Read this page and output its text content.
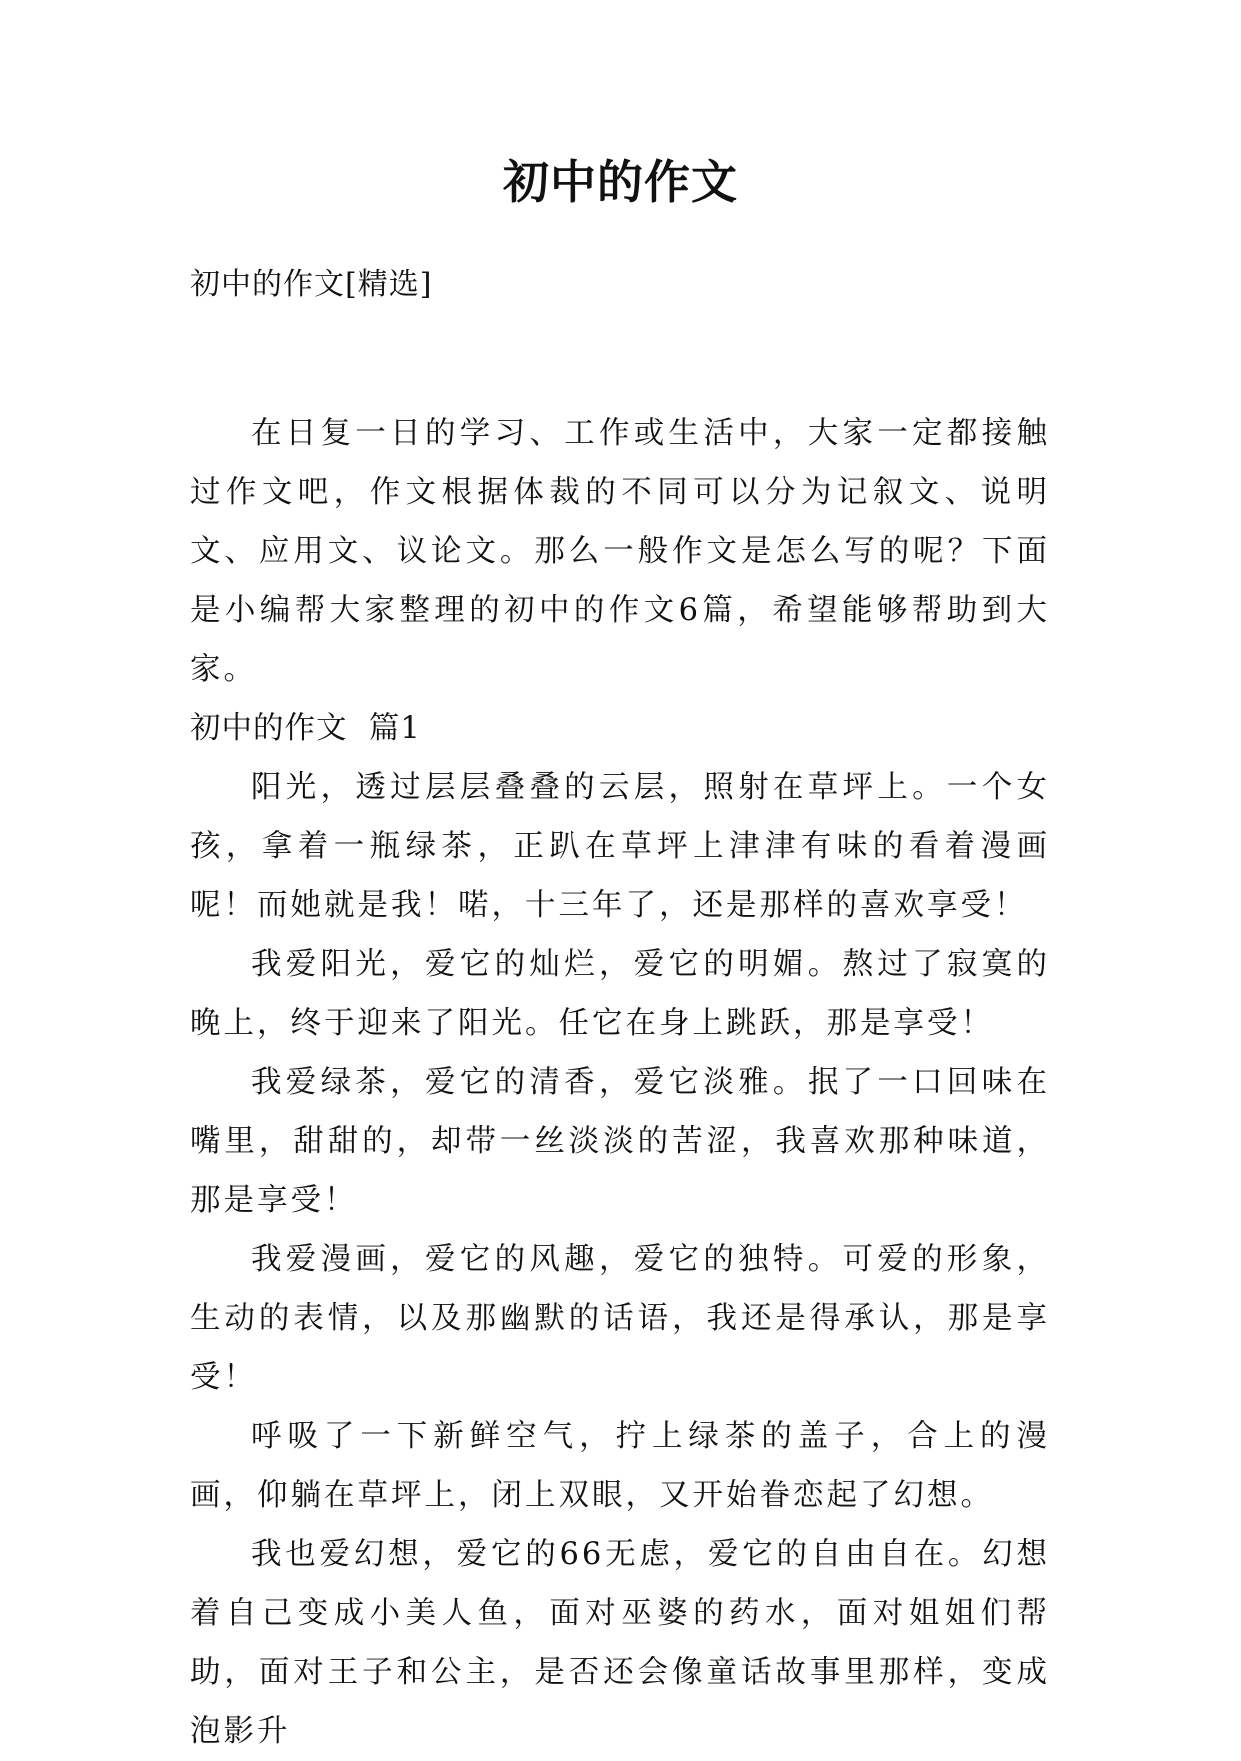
初中的作文

初中的作文[精选]

在日复一日的学习、工作或生活中，大家一定都接触过作文吧，作文根据体裁的不同可以分为记叙文、说明文、应用文、议论文。那么一般作文是怎么写的呢？下面是小编帮大家整理的初中的作文6篇，希望能够帮助到大家。

初中的作文  篇1

阳光，透过层层叠叠的云层，照射在草坪上。一个女孩，拿着一瓶绿茶，正趴在草坪上津津有味的看着漫画呢！而她就是我！喏，十三年了，还是那样的喜欢享受！

我爱阳光，爱它的灿烂，爱它的明媚。熬过了寂寞的晚上，终于迎来了阳光。任它在身上跳跃，那是享受！

我爱绿茶，爱它的清香，爱它淡雅。抿了一口回味在嘴里，甜甜的，却带一丝淡淡的苦涩，我喜欢那种味道，那是享受！

我爱漫画，爱它的风趣，爱它的独特。可爱的形象，生动的表情，以及那幽默的话语，我还是得承认，那是享受！

呼吸了一下新鲜空气，拧上绿茶的盖子，合上的漫画，仰躺在草坪上，闭上双眼，又开始眷恋起了幻想。

我也爱幻想，爱它的66无虑，爱它的自由自在。幻想着自己变成小美人鱼，面对巫婆的药水，面对姐姐们帮助，面对王子和公主，是否还会像童话故事里那样，变成泡影升
